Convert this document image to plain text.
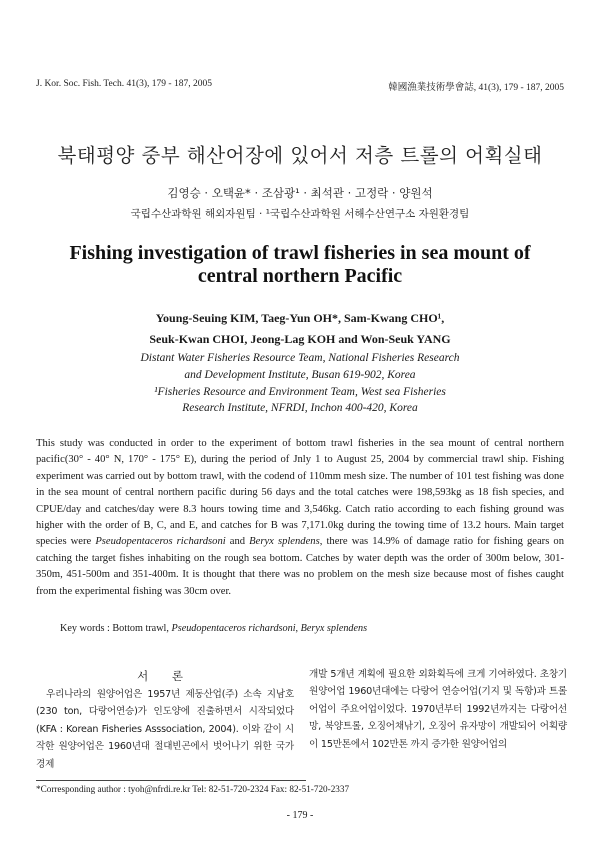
J. Kor. Soc. Fish. Tech. 41(3), 179 - 187, 2005	韓國漁業技術學會誌, 41(3), 179 - 187, 2005
북태평양 중부 해산어장에 있어서 저층 트롤의 어획실태
김영승 · 오택윤* · 조삼광¹ · 최석관 · 고정락 · 양원석
국립수산과학원 해외자원팀 · ¹국립수산과학원 서해수산연구소 자원환경팀
Fishing investigation of trawl fisheries in sea mount of central northern Pacific
Young-Seuing KIM, Taeg-Yun OH*, Sam-Kwang CHO¹,
Seuk-Kwan CHOI, Jeong-Lag KOH and Won-Seuk YANG
Distant Water Fisheries Resource Team, National Fisheries Research
and Development Institute, Busan 619-902, Korea
¹Fisheries Resource and Environment Team, West sea Fisheries
Research Institute, NFRDI, Inchon 400-420, Korea

This study was conducted in order to the experiment of bottom trawl fisheries in the sea mount of central northern pacific(30° - 40° N, 170° - 175° E), during the period of Jnly 1 to August 25, 2004 by commercial trawl ship. Fishing experiment was carried out by bottom trawl, with the codend of 110mm mesh size. The number of 101 test fishing was done in the sea mount of central northern pacific during 56 days and the total catches were 198,593kg as 18 fish species, and CPUE/day and catches/day were 8.3 hours towing time and 3,546kg. Catch ratio according to each fishing ground was higher with the order of B, C, and E, and catches for B was 7,171.0kg during the towing time of 13.2 hours. Main target species were Pseudopentaceros richardsoni and Beryx splendens, there was 14.9% of damage ratio for fishing gears on catching the target fishes inhabiting on the rough sea bottom. Catches by water depth was the order of 300m below, 301-350m, 451-500m and 351-400m. It is thought that there was no problem on the mesh size because most of fishes caught from the experimental fishing was 30cm over.

Key words : Bottom trawl, Pseudopentaceros richardsoni, Beryx splendens
서 론

우리나라의 원양어업은 1957년 제동산업(주) 소속 지남호(230 ton, 다랑어연승)가 인도양에 진출하면서 시작되었다(KFA : Korean Fisheries Asssociation, 2004). 이와 같이 시작한 원양어업은 1960년대 절대빈곤에서 벗어나기 위한 국가 경제

개발 5개년 계획에 필요한 외화획득에 크게 기여하였다. 초창기 원양어업 1960년대에는 다랑어 연승어업(기지 및 독항)과 트롤어업이 주요어업이었다. 1970년부터 1992년까지는 다랑어선망, 북양트롤, 오징어채낚기, 오징어 유자망이 개발되어 어획량이 15만톤에서 102만톤 까지 증가한 원양어업의

*Corresponding author : tyoh@nfrdi.re.kr Tel: 82-51-720-2324 Fax: 82-51-720-2337
- 179 -
